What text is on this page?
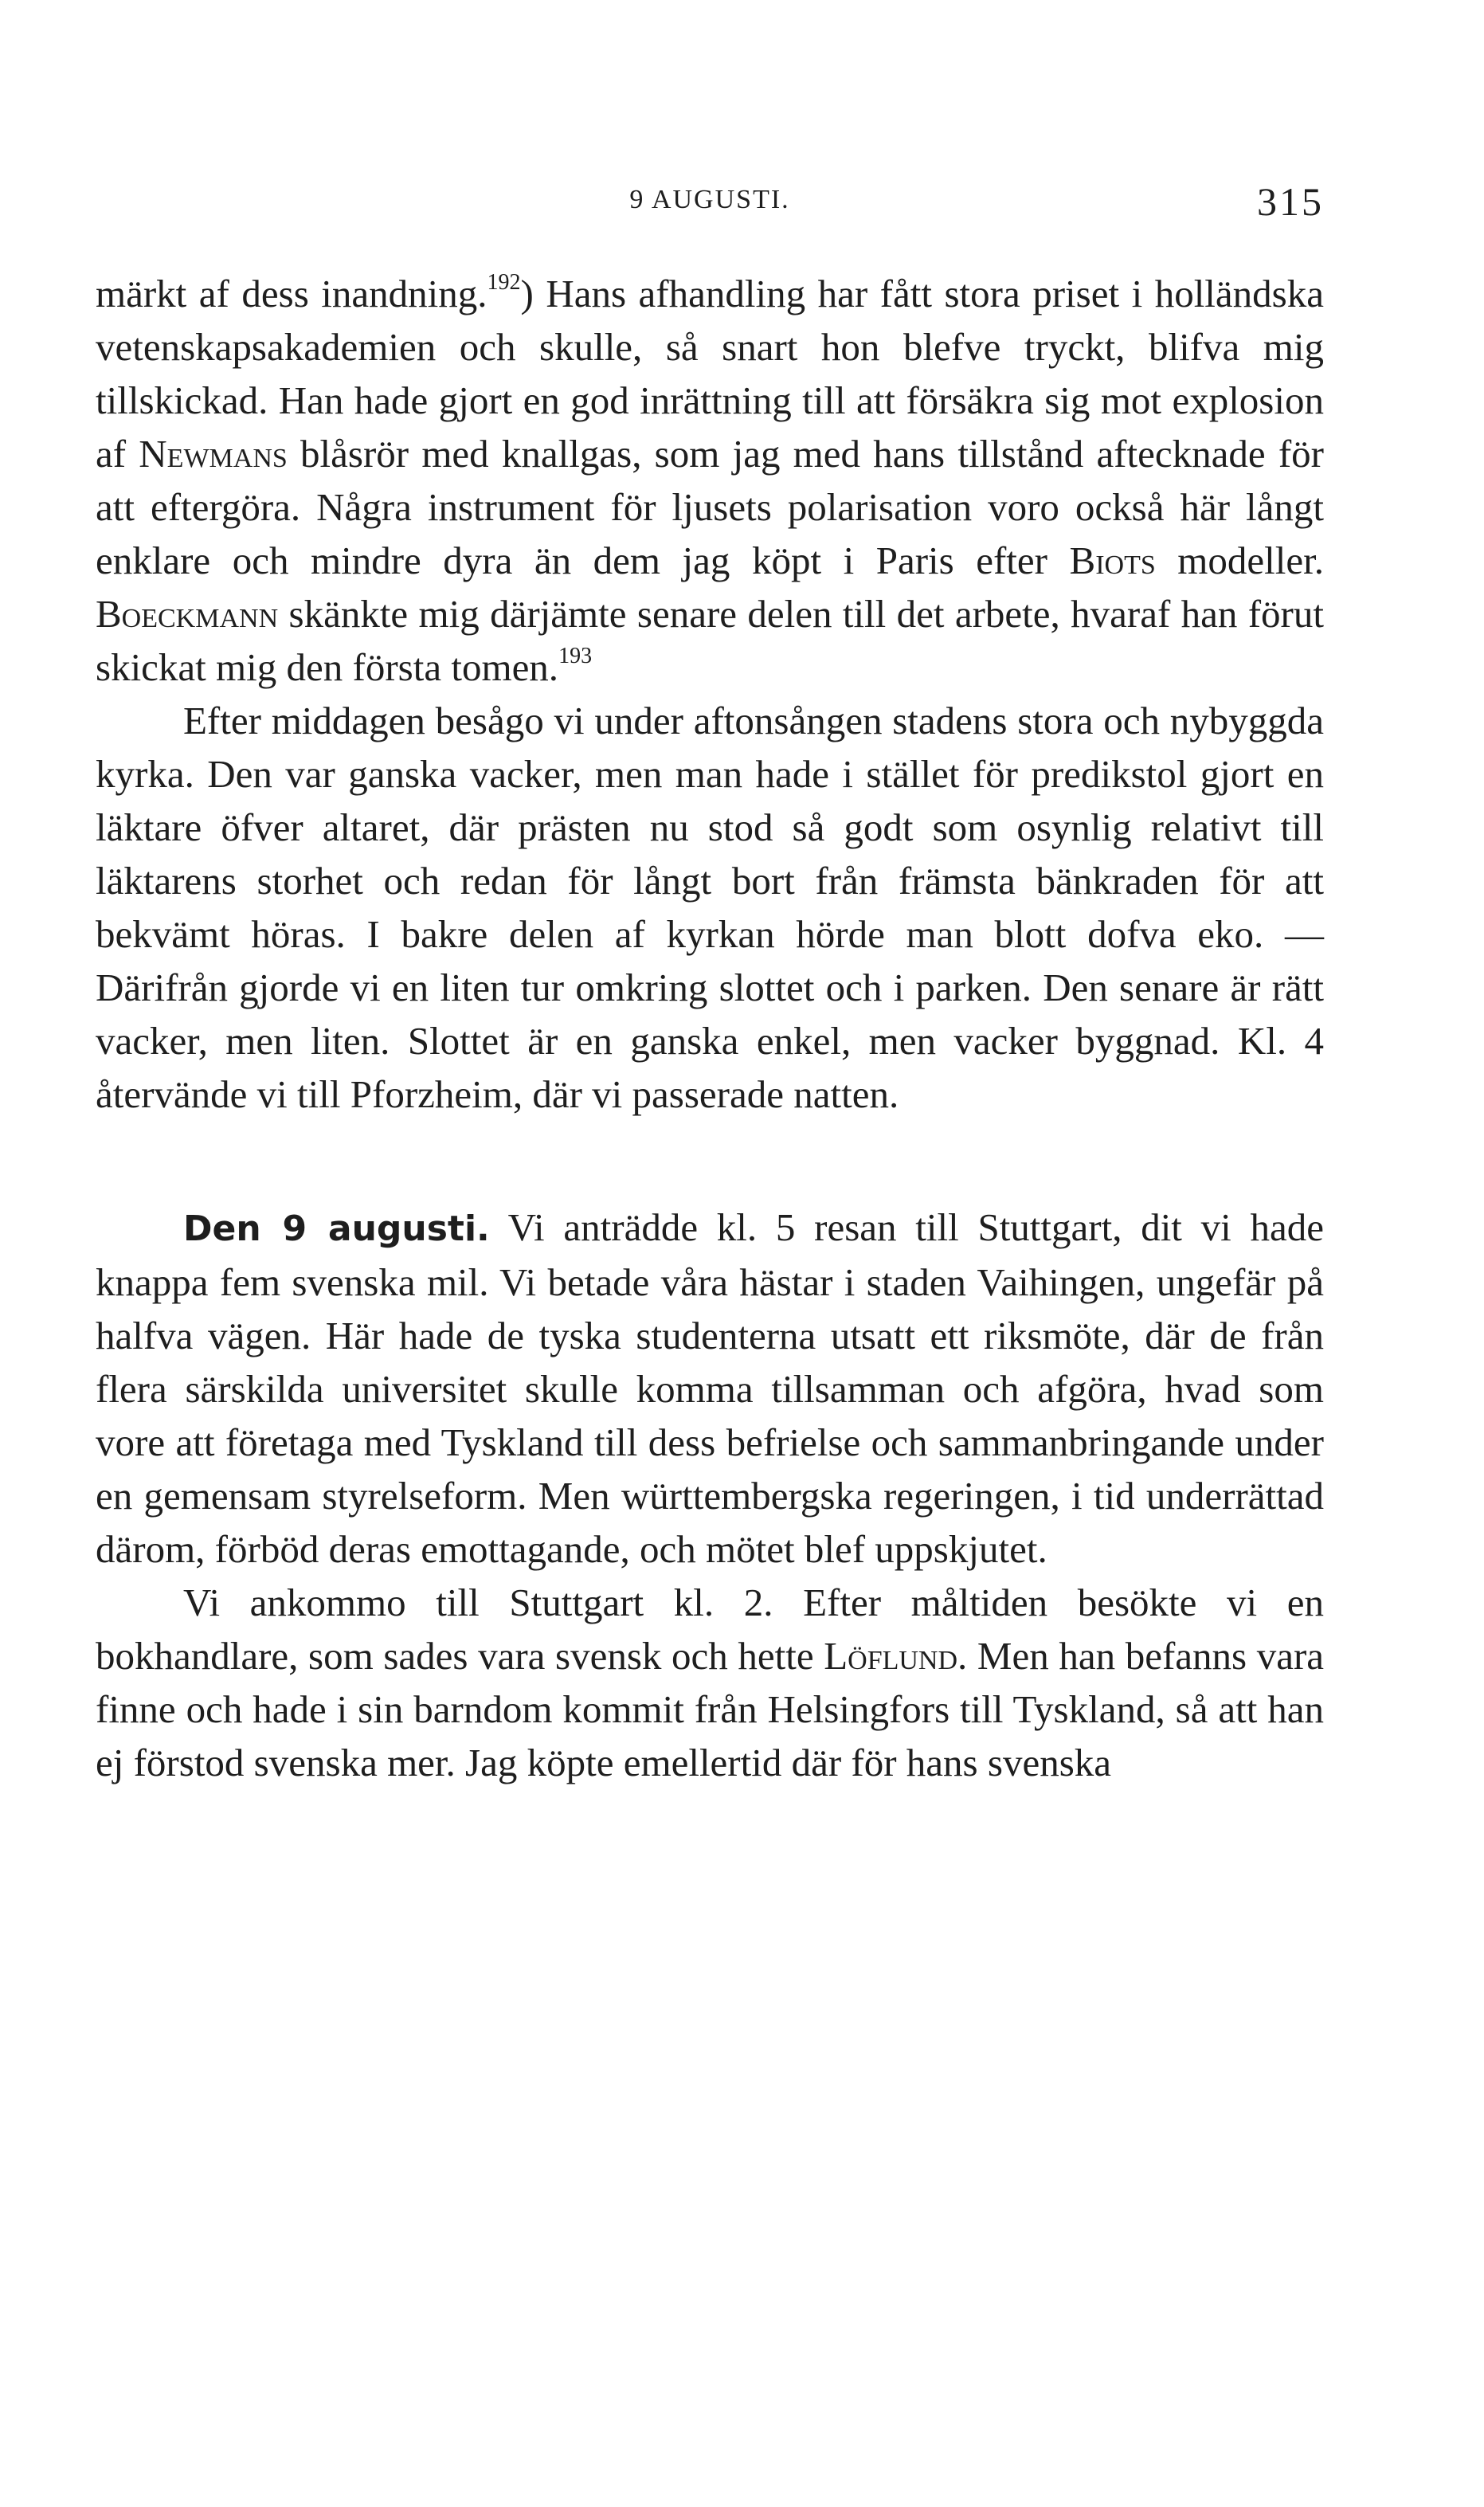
9 AUGUSTI.	315

märkt af dess inandning.$^{192}$) Hans afhandling har fått stora priset i holländska vetenskapsakademien och skulle, så snart hon blefve tryckt, blifva mig tillskickad. Han hade gjort en god inrättning till att försäkra sig mot explosion af Newmans blåsrör med knallgas, som jag med hans tillstånd aftecknade för att eftergöra. Några instrument för ljusets polarisation voro också här långt enklare och mindre dyra än dem jag köpt i Paris efter Biots modeller. Boeckmann skänkte mig därjämte senare delen till det arbete, hvaraf han förut skickat mig den första tomen.$^{193}$

Efter middagen besågo vi under aftonsången stadens stora och nybyggda kyrka. Den var ganska vacker, men man hade i stället för predikstol gjort en läktare öfver altaret, där prästen nu stod så godt som osynlig relativt till läktarens storhet och redan för långt bort från främsta bänkraden för att bekvämt höras. I bakre delen af kyrkan hörde man blott dofva eko. — Därifrån gjorde vi en liten tur omkring slottet och i parken. Den senare är rätt vacker, men liten. Slottet är en ganska enkel, men vacker byggnad. Kl. 4 återvände vi till Pforzheim, där vi passerade natten.

Den 9 augusti. Vi anträdde kl. 5 resan till Stuttgart, dit vi hade knappa fem svenska mil. Vi betade våra hästar i staden Vaihingen, ungefär på halfva vägen. Här hade de tyska studenterna utsatt ett riksmöte, där de från flera särskilda universitet skulle komma tillsamman och afgöra, hvad som vore att företaga med Tyskland till dess befrielse och sammanbringande under en gemensam styrelseform. Men württembergska regeringen, i tid underrättad därom, förböd deras emottagande, och mötet blef uppskjutet.

Vi ankommo till Stuttgart kl. 2. Efter måltiden besökte vi en bokhandlare, som sades vara svensk och hette Löflund. Men han befanns vara finne och hade i sin barndom kommit från Helsingfors till Tyskland, så att han ej förstod svenska mer. Jag köpte emellertid där för hans svenska
